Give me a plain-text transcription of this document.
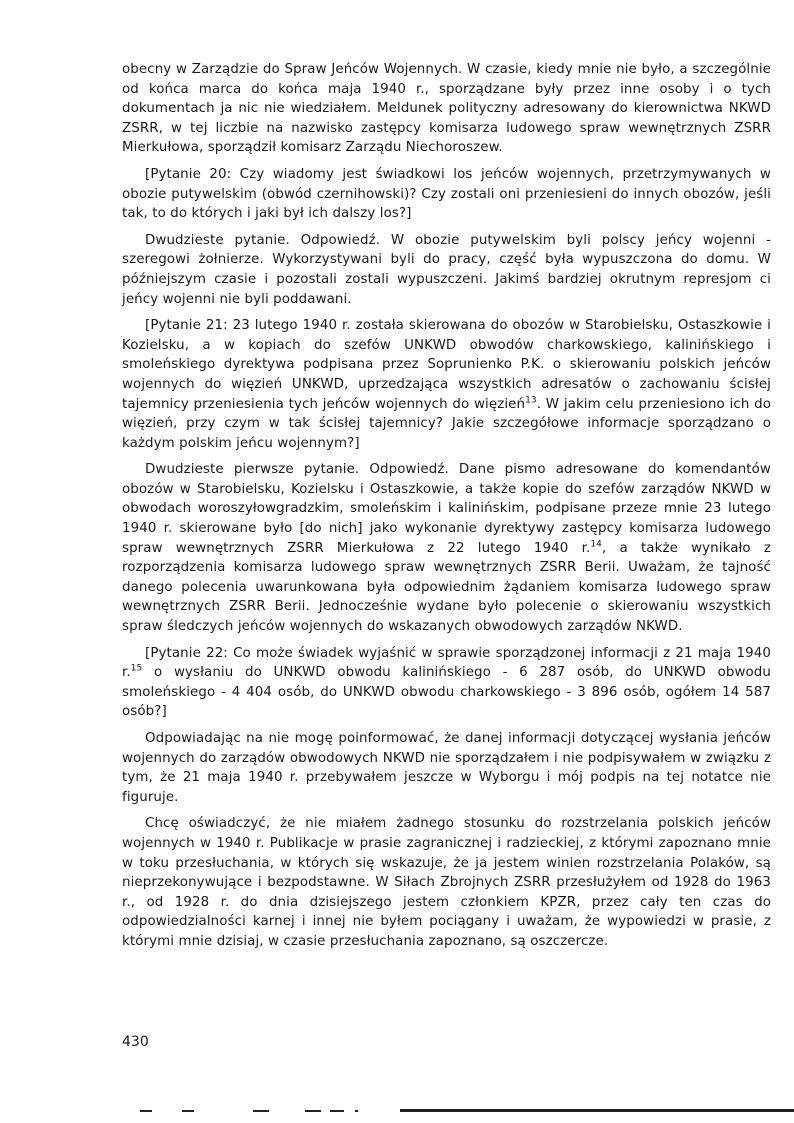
obecny w Zarządzie do Spraw Jeńców Wojennych. W czasie, kiedy mnie nie było, a szczególnie od końca marca do końca maja 1940 r., sporządzane były przez inne osoby i o tych dokumentach ja nic nie wiedziałem. Meldunek polityczny adresowany do kierownictwa NKWD ZSRR, w tej liczbie na nazwisko zastępcy komisarza ludowego spraw wewnętrznych ZSRR Mierkułowa, sporządził komisarz Zarządu Niechoroszew.

[Pytanie 20: Czy wiadomy jest świadkowi los jeńców wojennych, przetrzymywanych w obozie putywelskim (obwód czernihowski)? Czy zostali oni przeniesieni do innych obozów, jeśli tak, to do których i jaki był ich dalszy los?]

Dwudzieste pytanie. Odpowiedź. W obozie putywelskim byli polscy jeńcy wojenni - szeregowi żołnierze. Wykorzystywani byli do pracy, część była wypuszczona do domu. W późniejszym czasie i pozostali zostali wypuszczeni. Jakimś bardziej okrutnym represjom ci jeńcy wojenni nie byli poddawani.

[Pytanie 21: 23 lutego 1940 r. została skierowana do obozów w Starobielsku, Ostaszkowie i Kozielsku, a w kopiach do szefów UNKWD obwodów charkowskiego, kalinińskiego i smoleńskiego dyrektywa podpisana przez Soprunienko P.K. o skierowaniu polskich jeńców wojennych do więzień UNKWD, uprzedzająca wszystkich adresatów o zachowaniu ścisłej tajemnicy przeniesienia tych jeńców wojennych do więzień$^{13}$. W jakim celu przeniesiono ich do więzień, przy czym w tak ścisłej tajemnicy? Jakie szczegółowe informacje sporządzano o każdym polskim jeńcu wojennym?]

Dwudzieste pierwsze pytanie. Odpowiedź. Dane pismo adresowane do komendantów obozów w Starobielsku, Kozielsku i Ostaszkowie, a także kopie do szefów zarządów NKWD w obwodach woroszyłowgradzkim, smoleńskim i kalinińskim, podpisane przeze mnie 23 lutego 1940 r. skierowane było [do nich] jako wykonanie dyrektywy zastępcy komisarza ludowego spraw wewnętrznych ZSRR Mierkułowa z 22 lutego 1940 r.$^{14}$, a także wynikało z rozporządzenia komisarza ludowego spraw wewnętrznych ZSRR Berii. Uważam, że tajność danego polecenia uwarunkowana była odpowiednim żądaniem komisarza ludowego spraw wewnętrznych ZSRR Berii. Jednocześnie wydane było polecenie o skierowaniu wszystkich spraw śledczych jeńców wojennych do wskazanych obwodowych zarządów NKWD.

[Pytanie 22: Co może świadek wyjaśnić w sprawie sporządzonej informacji z 21 maja 1940 r.$^{15}$ o wysłaniu do UNKWD obwodu kalinińskiego - 6 287 osób, do UNKWD obwodu smoleńskiego - 4 404 osób, do UNKWD obwodu charkowskiego - 3 896 osób, ogółem 14 587 osób?]

Odpowiadając na nie mogę poinformować, że danej informacji dotyczącej wysłania jeńców wojennych do zarządów obwodowych NKWD nie sporządzałem i nie podpisywałem w związku z tym, że 21 maja 1940 r. przebywałem jeszcze w Wyborgu i mój podpis na tej notatce nie figuruje.

Chcę oświadczyć, że nie miałem żadnego stosunku do rozstrzelania polskich jeńców wojennych w 1940 r. Publikacje w prasie zagranicznej i radzieckiej, z którymi zapoznano mnie w toku przesłuchania, w których się wskazuje, że ja jestem winien rozstrzelania Polaków, są nieprzekonywujące i bezpodstawne. W Siłach Zbrojnych ZSRR przesłużyłem od 1928 do 1963 r., od 1928 r. do dnia dzisiejszego jestem członkiem KPZR, przez cały ten czas do odpowiedzialności karnej i innej nie byłem pociągany i uważam, że wypowiedzi w prasie, z którymi mnie dzisiaj, w czasie przesłuchania zapoznano, są oszczercze.

430
